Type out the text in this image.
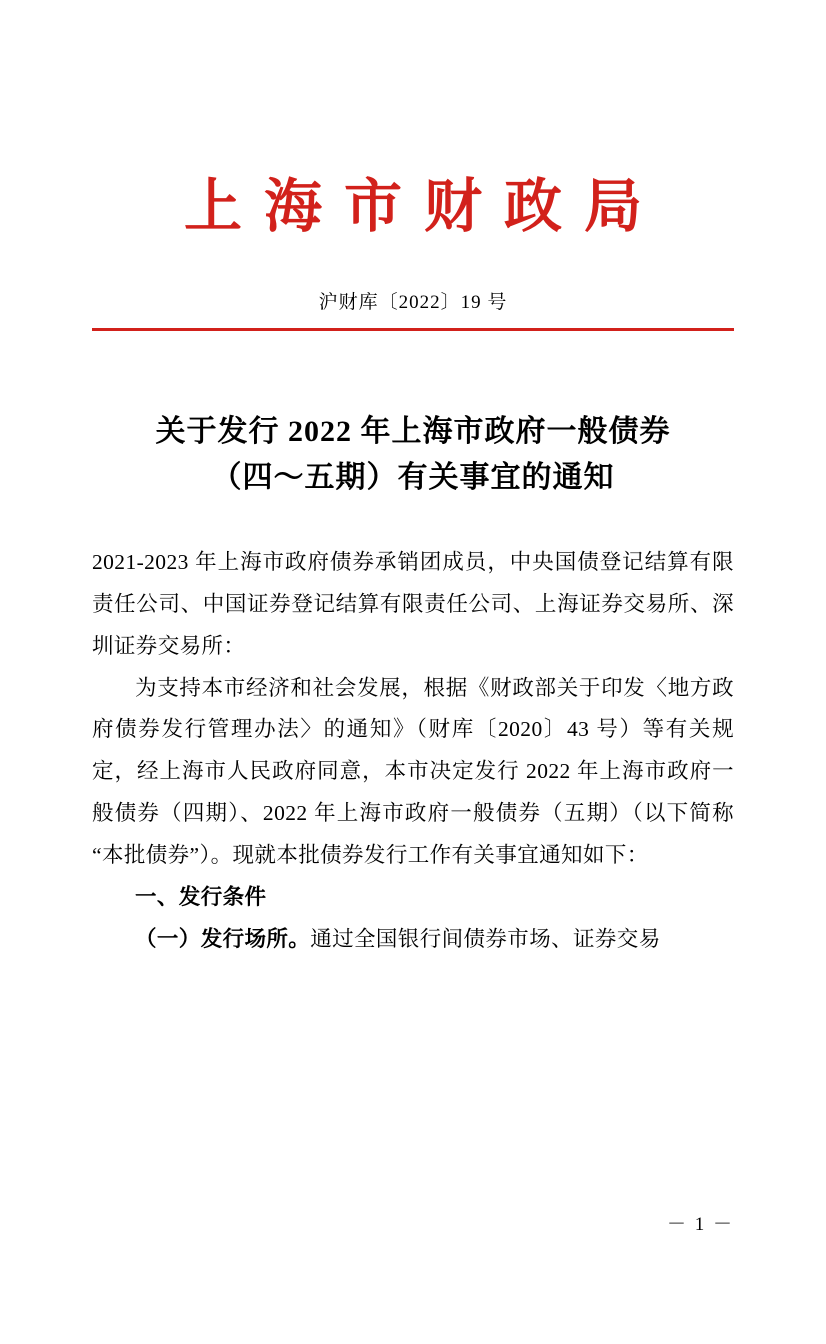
上海市财政局
沪财库〔2022〕19 号
关于发行 2022 年上海市政府一般债券
（四～五期）有关事宜的通知

2021-2023 年上海市政府债券承销团成员，中央国债登记结算有限责任公司、中国证券登记结算有限责任公司、上海证券交易所、深圳证券交易所：

为支持本市经济和社会发展，根据《财政部关于印发〈地方政府债券发行管理办法〉的通知》（财库〔2020〕43 号）等有关规定，经上海市人民政府同意，本市决定发行 2022 年上海市政府一般债券（四期）、2022 年上海市政府一般债券（五期）（以下简称“本批债券”）。现就本批债券发行工作有关事宜通知如下：

一、发行条件

（一）发行场所。通过全国银行间债券市场、证券交易

－ 1 －
